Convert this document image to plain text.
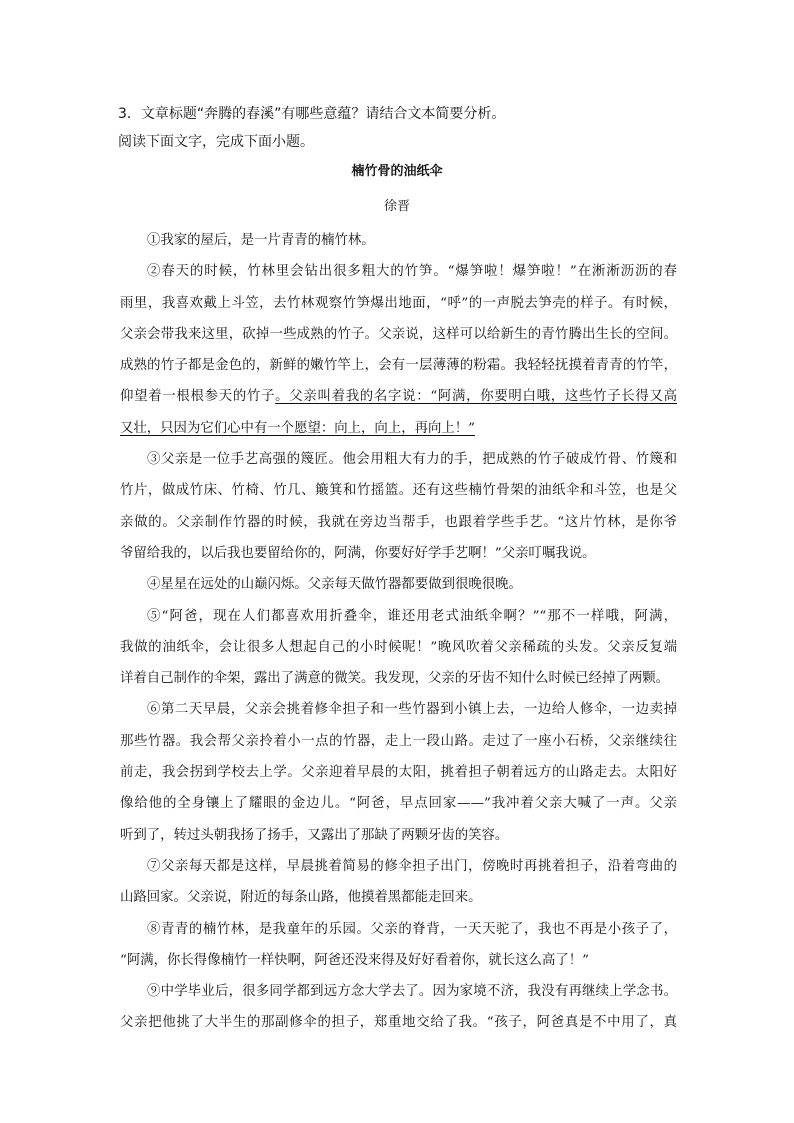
3．文章标题“奔腾的春溪”有哪些意蕴？请结合文本简要分析。
阅读下面文字，完成下面小题。
楠竹骨的油纸伞
徐晋
①我家的屋后，是一片青青的楠竹林。
②春天的时候，竹林里会钻出很多粗大的竹笋。“爆笋啦！爆笋啦！”在淅淅沥沥的春
雨里，我喜欢戴上斗笠，去竹林观察竹笋爆出地面，“呼”的一声脱去笋壳的样子。有时候，
父亲会带我来这里，砍掉一些成熟的竹子。父亲说，这样可以给新生的青竹腾出生长的空间。
成熟的竹子都是金色的，新鲜的嫩竹竿上，会有一层薄薄的粉霜。我轻轻抚摸着青青的竹竿，
仰望着一根根参天的竹子。父亲叫着我的名字说：“阿满，你要明白哦，这些竹子长得又高
又壮，只因为它们心中有一个愿望：向上，向上，再向上！”
③父亲是一位手艺高强的篾匠。他会用粗大有力的手，把成熟的竹子破成竹骨、竹篾和
竹片，做成竹床、竹椅、竹几、簸箕和竹摇篮。还有这些楠竹骨架的油纸伞和斗笠，也是父
亲做的。父亲制作竹器的时候，我就在旁边当帮手，也跟着学些手艺。“这片竹林，是你爷
爷留给我的，以后我也要留给你的，阿满，你要好好学手艺啊！”父亲叮嘱我说。
④星星在远处的山巅闪烁。父亲每天做竹器都要做到很晚很晚。
⑤“阿爸，现在人们都喜欢用折叠伞，谁还用老式油纸伞啊？”“那不一样哦，阿满，
我做的油纸伞，会让很多人想起自己的小时候呢！”晚风吹着父亲稀疏的头发。父亲反复端
详着自己制作的伞架，露出了满意的微笑。我发现，父亲的牙齿不知什么时候已经掉了两颗。
⑥第二天早晨，父亲会挑着修伞担子和一些竹器到小镇上去，一边给人修伞，一边卖掉
那些竹器。我会帮父亲拎着小一点的竹器，走上一段山路。走过了一座小石桥，父亲继续往
前走，我会拐到学校去上学。父亲迎着早晨的太阳，挑着担子朝着远方的山路走去。太阳好
像给他的全身镶上了耀眼的金边儿。“阿爸，早点回家——”我冲着父亲大喊了一声。父亲
听到了，转过头朝我扬了扬手，又露出了那缺了两颗牙齿的笑容。
⑦父亲每天都是这样，早晨挑着简易的修伞担子出门，傍晚时再挑着担子，沿着弯曲的
山路回家。父亲说，附近的每条山路，他摸着黑都能走回来。
⑧青青的楠竹林，是我童年的乐园。父亲的脊背，一天天驼了，我也不再是小孩子了，
“阿满，你长得像楠竹一样快啊，阿爸还没来得及好好看着你，就长这么高了！”
⑨中学毕业后，很多同学都到远方念大学去了。因为家境不济，我没有再继续上学念书。
父亲把他挑了大半生的那副修伞的担子，郑重地交给了我。“孩子，阿爸真是不中用了，真
